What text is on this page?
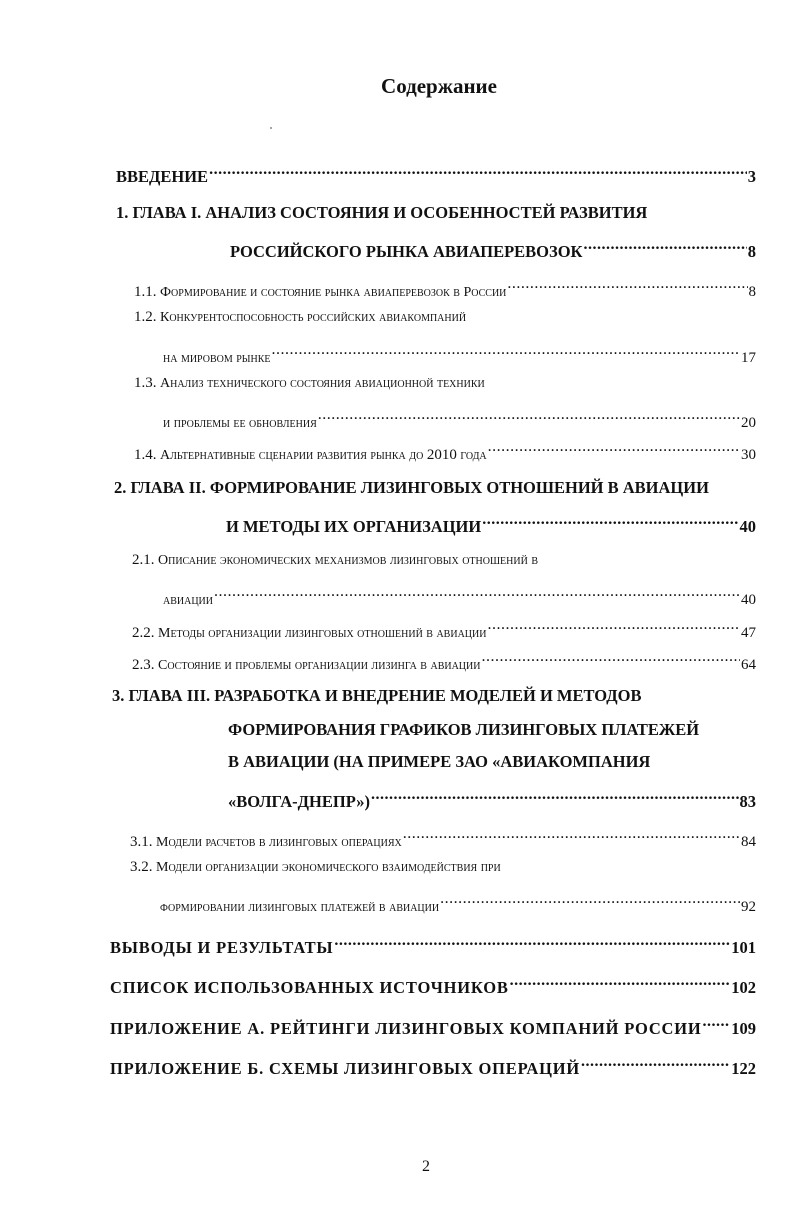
Содержание
ВВЕДЕНИЕ .....	3
1. ГЛАВА I. АНАЛИЗ СОСТОЯНИЯ И ОСОБЕННОСТЕЙ РАЗВИТИЯ
РОССИЙСКОГО РЫНКА АВИАПЕРЕВОЗОК .....	8
1.1. Формирование и состояние рынка авиаперевозок в России .....	8
1.2. Конкурентоспособность российских авиакомпаний
на мировом рынке .....	17
1.3. Анализ технического состояния авиационной техники
и проблемы ее обновления .....	20
1.4. Альтернативные сценарии развития рынка до 2010 года .....	30
2. ГЛАВА II. ФОРМИРОВАНИЕ ЛИЗИНГОВЫХ ОТНОШЕНИЙ В АВИАЦИИ
И МЕТОДЫ ИХ ОРГАНИЗАЦИИ .....	40
2.1. Описание экономических механизмов лизинговых отношений в
авиации .....	40
2.2. Методы организации лизинговых отношений в авиации .....	47
2.3. Состояние и проблемы организации лизинга в авиации .....	64
3. ГЛАВА III. РАЗРАБОТКА И ВНЕДРЕНИЕ МОДЕЛЕЙ И МЕТОДОВ
ФОРМИРОВАНИЯ ГРАФИКОВ ЛИЗИНГОВЫХ ПЛАТЕЖЕЙ
В АВИАЦИИ (НА ПРИМЕРЕ ЗАО «АВИАКОМПАНИЯ
«ВОЛГА-ДНЕПР») .....	83
3.1. Модели расчетов в лизинговых операциях .....	84
3.2. Модели организации экономического взаимодействия при
формировании лизинговых платежей в авиации .....	92
ВЫВОДЫ И РЕЗУЛЬТАТЫ .....	101
СПИСОК ИСПОЛЬЗОВАННЫХ ИСТОЧНИКОВ .....	102
ПРИЛОЖЕНИЕ А. РЕЙТИНГИ ЛИЗИНГОВЫХ КОМПАНИЙ РОССИИ ..... 109
ПРИЛОЖЕНИЕ Б. СХЕМЫ ЛИЗИНГОВЫХ ОПЕРАЦИЙ .....	122
2
